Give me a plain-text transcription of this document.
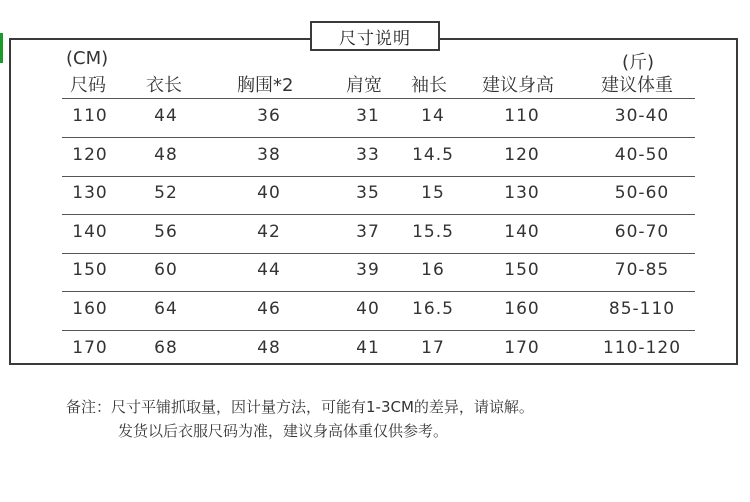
尺寸说明
(CM)	(斤)
尺码 衣长	胸围*2	肩宽 袖长 建议身高	建议体重
110	44	36	31 14	110	30-40
120	48	38	33 14.5	120	40-50
130	52	40	35 15	130	50-60
140	56	42	37 15.5	140	60-70
150	60	44	39 16	150	70-85
160	64	46	40 16.5	160	85-110
170	68	48	41 17	170	110-120
备注：尺寸平铺抓取量，因计量方法，可能有1-3CM的差异，请谅解。
发货以后衣服尺码为准，建议身高体重仅供参考。
